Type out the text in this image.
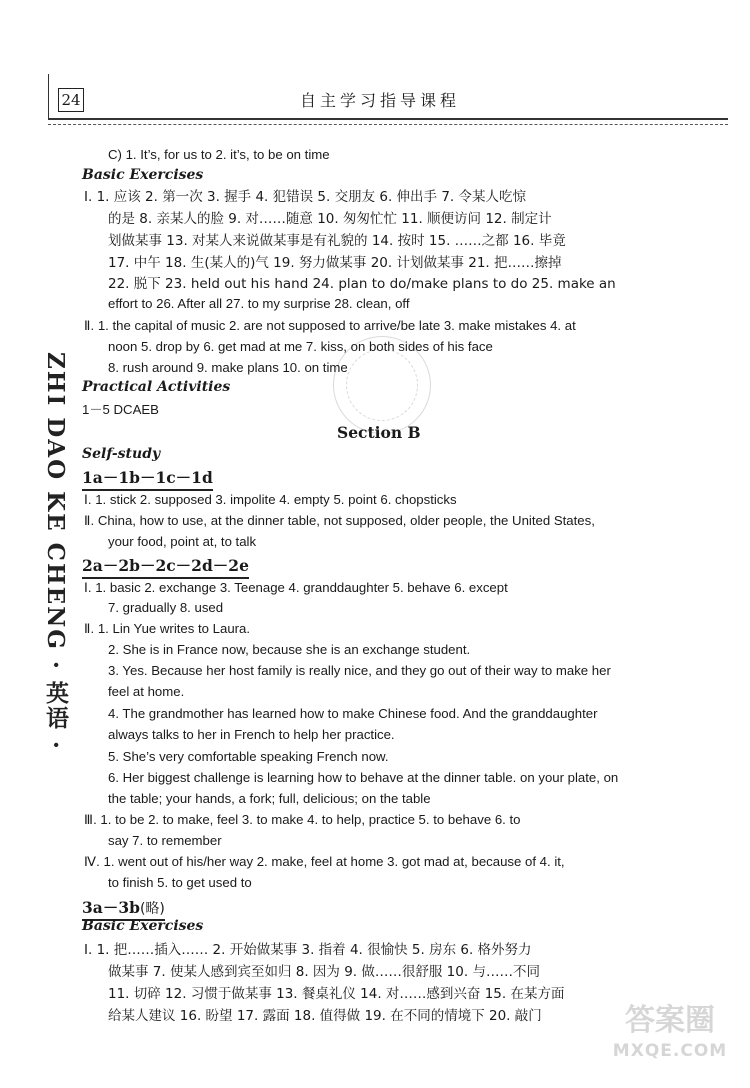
24	自主学习指导课程
ZHI DAO KE CHENG · 英语 ·
C) 1. It’s, for us to 2. it’s, to be on time
Basic Exercises
Ⅰ. 1. 应该 2. 第一次 3. 握手 4. 犯错误 5. 交朋友 6. 伸出手 7. 令某人吃惊
的是 8. 亲某人的脸 9. 对……随意 10. 匆匆忙忙 11. 顺便访问 12. 制定计
划做某事 13. 对某人来说做某事是有礼貌的 14. 按时 15. ……之都 16. 毕竟
17. 中午 18. 生(某人的)气 19. 努力做某事 20. 计划做某事 21. 把……擦掉
22. 脱下 23. held out his hand 24. plan to do/make plans to do 25. make an
effort to 26. After all 27. to my surprise 28. clean, off
Ⅱ. 1. the capital of music 2. are not supposed to arrive/be late 3. make mistakes 4. at
noon 5. drop by 6. get mad at me 7. kiss, on both sides of his face
8. rush around 9. make plans 10. on time
Practical Activities
1－5 DCAEB
Section B
Self-study
1a－1b－1c－1d
Ⅰ. 1. stick 2. supposed 3. impolite 4. empty 5. point 6. chopsticks
Ⅱ. China, how to use, at the dinner table, not supposed, older people, the United States,
your food, point at, to talk
2a－2b－2c－2d－2e
Ⅰ. 1. basic 2. exchange 3. Teenage 4. granddaughter 5. behave 6. except
7. gradually 8. used
Ⅱ. 1. Lin Yue writes to Laura.
2. She is in France now, because she is an exchange student.
3. Yes. Because her host family is really nice, and they go out of their way to make her
feel at home.
4. The grandmother has learned how to make Chinese food. And the granddaughter
always talks to her in French to help her practice.
5. She’s very comfortable speaking French now.
6. Her biggest challenge is learning how to behave at the dinner table. on your plate, on
the table; your hands, a fork; full, delicious; on the table
Ⅲ. 1. to be 2. to make, feel 3. to make 4. to help, practice 5. to behave 6. to
say 7. to remember
Ⅳ. 1. went out of his/her way 2. make, feel at home 3. got mad at, because of 4. it,
to finish 5. to get used to
3a－3b(略)
Basic Exercises
Ⅰ. 1. 把……插入…… 2. 开始做某事 3. 指着 4. 很愉快 5. 房东 6. 格外努力
做某事 7. 使某人感到宾至如归 8. 因为 9. 做……很舒服 10. 与……不同
11. 切碎 12. 习惯于做某事 13. 餐桌礼仪 14. 对……感到兴奋 15. 在某方面
给某人建议 16. 盼望 17. 露面 18. 值得做 19. 在不同的情境下 20. 敲门	答案圈
MXQE.COM
